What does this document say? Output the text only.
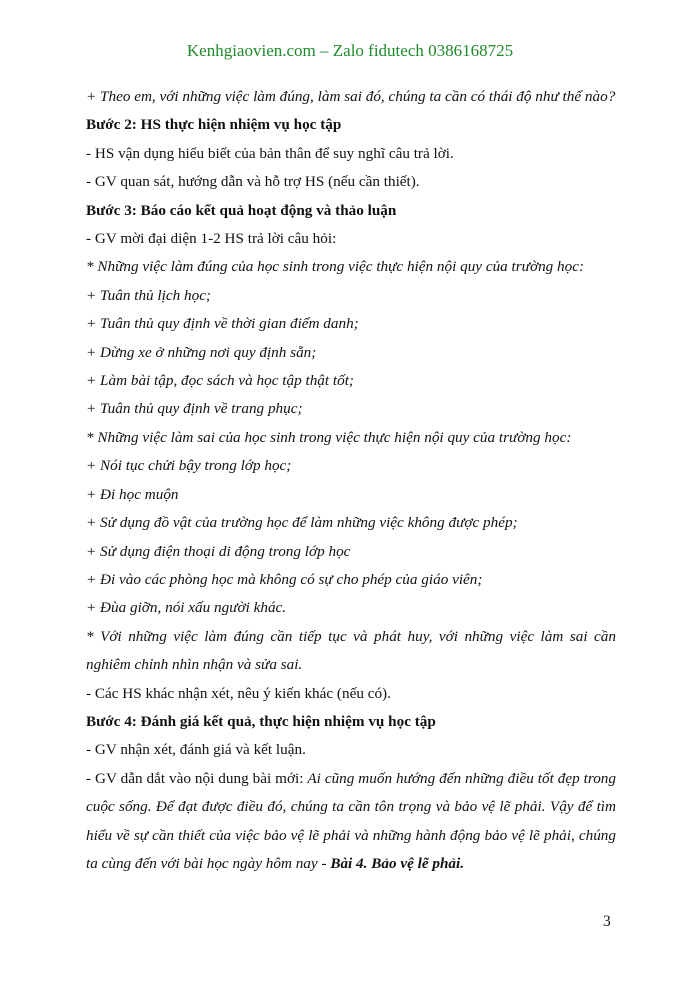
Kenhgiaovien.com – Zalo fidutech 0386168725

+ Theo em, với những việc làm đúng, làm sai đó, chúng ta cần có thái độ như thế nào?

Bước 2: HS thực hiện nhiệm vụ học tập

- HS vận dụng hiểu biết của bản thân để suy nghĩ câu trả lời.

- GV quan sát, hướng dẫn và hỗ trợ HS (nếu cần thiết).

Bước 3: Báo cáo kết quả hoạt động và thảo luận

- GV mời đại diện 1-2 HS trả lời câu hỏi:

* Những việc làm đúng của học sinh trong việc thực hiện nội quy của trường học:

+ Tuân thủ lịch học;

+ Tuân thủ quy định về thời gian điểm danh;

+ Dừng xe ở những nơi quy định sẵn;

+ Làm bài tập, đọc sách và học tập thật tốt;

+ Tuân thủ quy định về trang phục;

* Những việc làm sai của học sinh trong việc thực hiện nội quy của trường học:

+ Nói tục chửi bậy trong lớp học;

+ Đi học muộn

+ Sử dụng đồ vật của trường học để làm những việc không được phép;

+ Sử dụng điện thoại di động trong lớp học

+ Đi vào các phòng học mà không có sự cho phép của giáo viên;

+ Đùa giỡn, nói xấu người khác.

* Với những việc làm đúng cần tiếp tục và phát huy, với những việc làm sai cần nghiêm chỉnh nhìn nhận và sửa sai.

- Các HS khác nhận xét, nêu ý kiến khác (nếu có).

Bước 4: Đánh giá kết quả, thực hiện nhiệm vụ học tập

- GV nhận xét, đánh giá và kết luận.

- GV dẫn dắt vào nội dung bài mới: Ai cũng muốn hướng đến những điều tốt đẹp trong cuộc sống. Để đạt được điều đó, chúng ta cần tôn trọng và bảo vệ lẽ phải. Vậy để tìm hiểu về sự cần thiết của việc bảo vệ lẽ phải và những hành động bảo vệ lẽ phải, chúng ta cùng đến với bài học ngày hôm nay - Bài 4. Bảo vệ lẽ phải.

3
